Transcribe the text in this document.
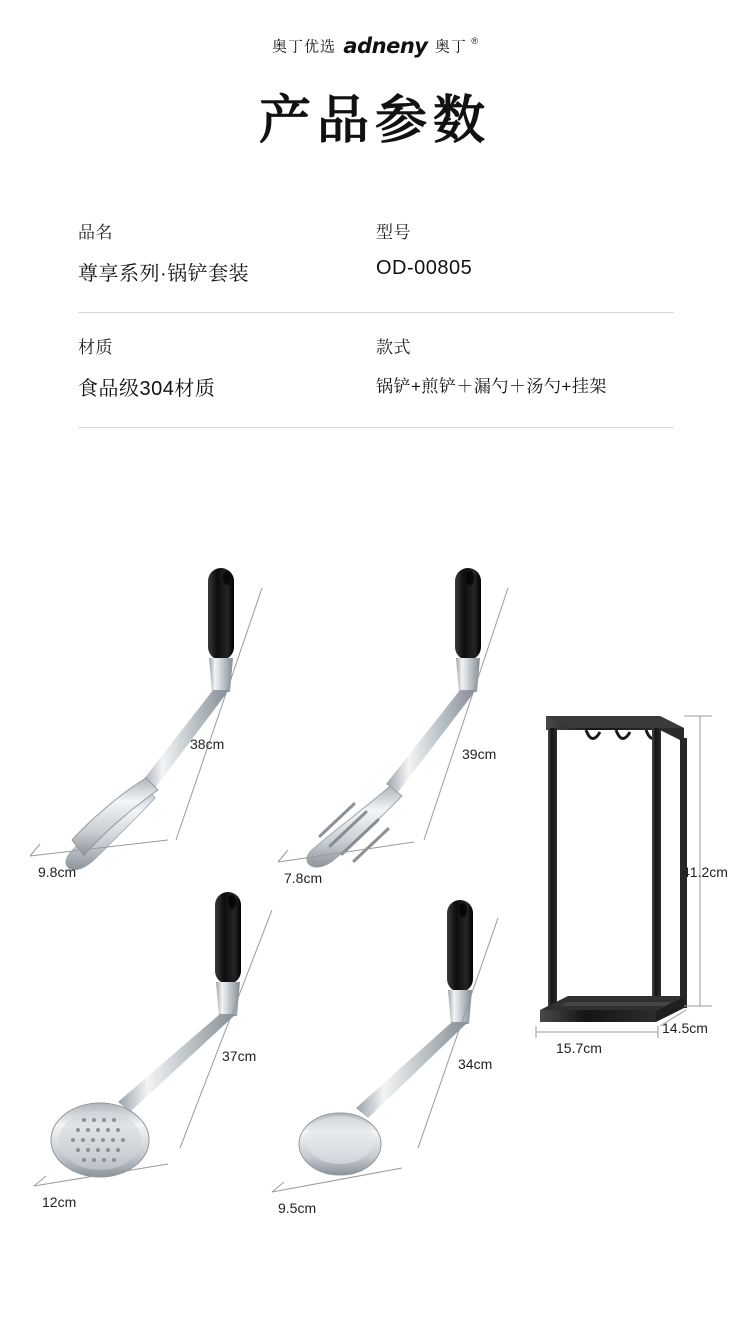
奥丁优选 adneny 奥丁 ®
产品参数
品名
尊享系列·锅铲套装
型号
OD-00805
材质
食品级304材质
款式
锅铲+煎铲＋漏勺＋汤勺+挂架
38cm
9.8cm
39cm
7.8cm
37cm
12cm
34cm
9.5cm
41.2cm
15.7cm
14.5cm
